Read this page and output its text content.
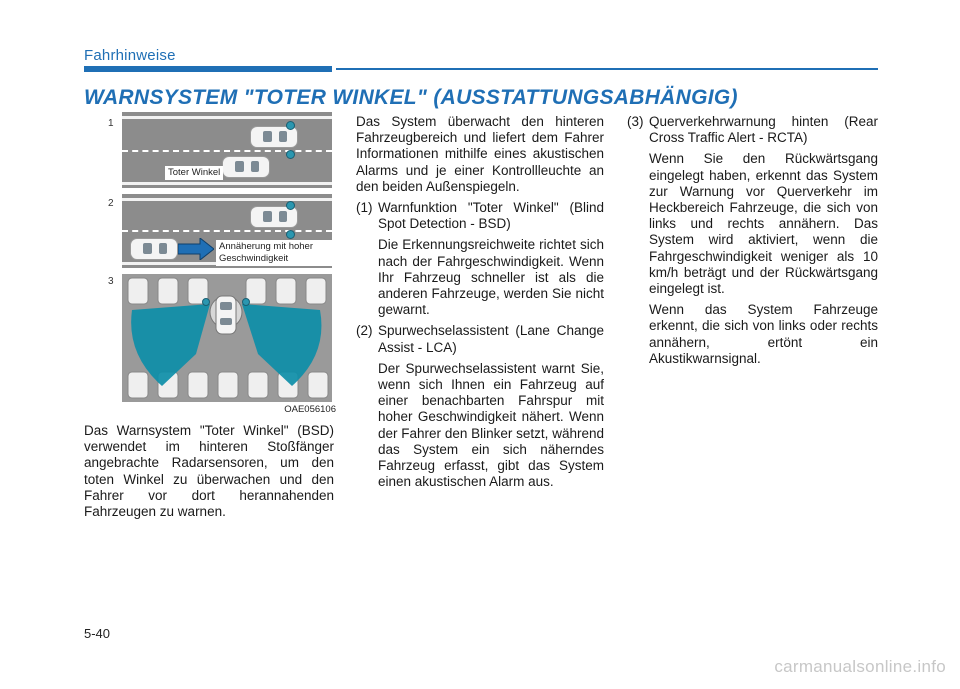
Fahrhinweise
WARNSYSTEM "TOTER WINKEL" (AUSSTATTUNGSABHÄNGIG)
1
2
3
Toter Winkel
Annäherung mit hoher Geschwindigkeit
OAE056106

Das Warnsystem "Toter Winkel" (BSD) verwendet im hinteren Stoßfänger angebrachte Radarsensoren, um den toten Winkel zu überwachen und den Fahrer vor dort herannahenden Fahrzeugen zu warnen.

Das System überwacht den hinteren Fahrzeugbereich und liefert dem Fahrer Informationen mithilfe eines akustischen Alarms und je einer Kontrollleuchte an den beiden Außenspiegeln.

(1) Warnfunktion "Toter Winkel" (Blind Spot Detection - BSD)

Die Erkennungsreichweite richtet sich nach der Fahrgeschwindigkeit. Wenn Ihr Fahrzeug schneller ist als die anderen Fahrzeuge, werden Sie nicht gewarnt.

(2) Spurwechselassistent (Lane Change Assist - LCA)

Der Spurwechselassistent warnt Sie, wenn sich Ihnen ein Fahrzeug auf einer benachbarten Fahrspur mit hoher Geschwindigkeit nähert. Wenn der Fahrer den Blinker setzt, während das System ein sich näherndes Fahrzeug erfasst, gibt das System einen akustischen Alarm aus.

(3) Querverkehrwarnung hinten (Rear Cross Traffic Alert - RCTA)

Wenn Sie den Rückwärtsgang eingelegt haben, erkennt das System zur Warnung vor Querverkehr im Heckbereich Fahrzeuge, die sich von links und rechts annähern. Das System wird aktiviert, wenn die Fahrgeschwindigkeit weniger als 10 km/h beträgt und der Rückwärtsgang eingelegt ist.

Wenn das System Fahrzeuge erkennt, die sich von links oder rechts annähern, ertönt ein Akustikwarnsignal.

5-40
carmanualsonline.info
